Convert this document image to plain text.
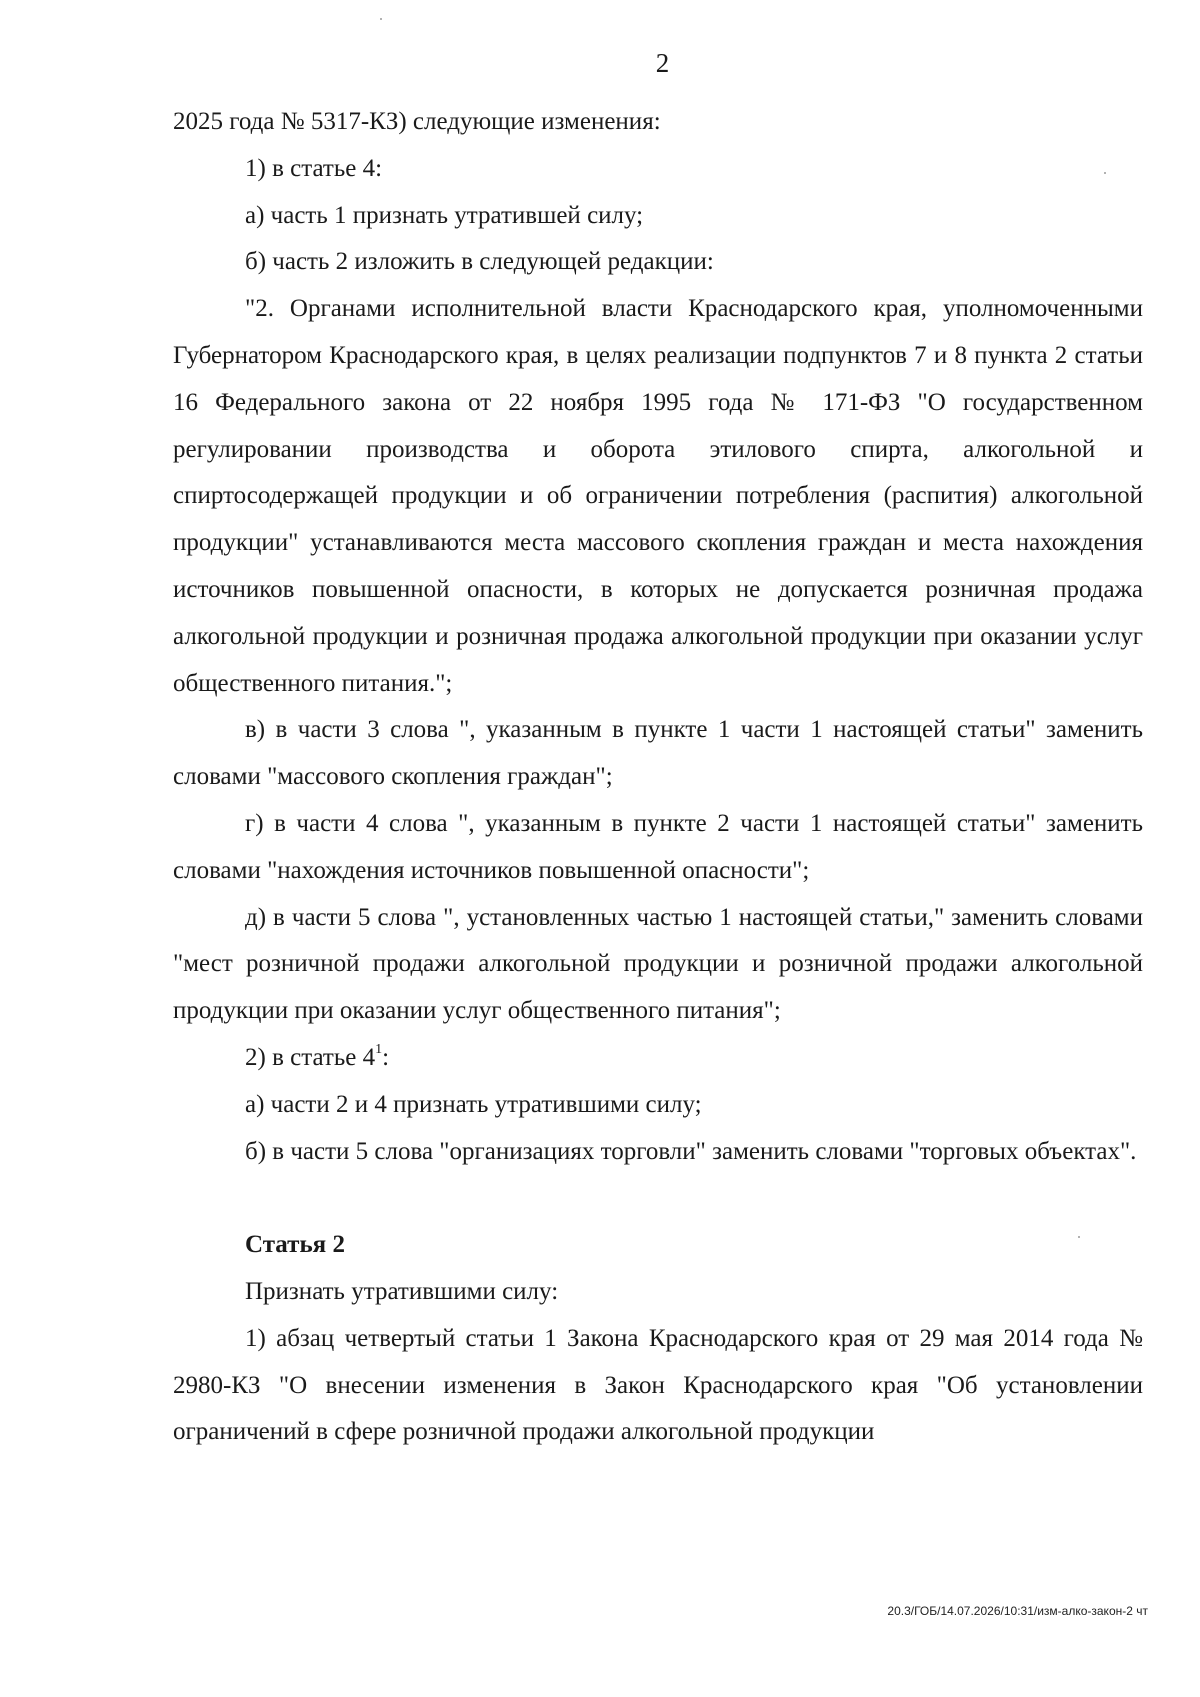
2

2025 года № 5317-КЗ) следующие изменения:

1) в статье 4:

а) часть 1 признать утратившей силу;

б) часть 2 изложить в следующей редакции:

"2. Органами исполнительной власти Краснодарского края, уполномоченными Губернатором Краснодарского края, в целях реализации подпунктов 7 и 8 пункта 2 статьи 16 Федерального закона от 22 ноября 1995 года № 171-ФЗ "О государственном регулировании производства и оборота этилового спирта, алкогольной и спиртосодержащей продукции и об ограничении потребления (распития) алкогольной продукции" устанавливаются места массового скопления граждан и места нахождения источников повышенной опасности, в которых не допускается розничная продажа алкогольной продукции и розничная продажа алкогольной продукции при оказании услуг общественного питания.";

в) в части 3 слова ", указанным в пункте 1 части 1 настоящей статьи" заменить словами "массового скопления граждан";

г) в части 4 слова ", указанным в пункте 2 части 1 настоящей статьи" заменить словами "нахождения источников повышенной опасности";

д) в части 5 слова ", установленных частью 1 настоящей статьи," заменить словами "мест розничной продажи алкогольной продукции и розничной продажи алкогольной продукции при оказании услуг общественного питания";

2) в статье $4^1$:

а) части 2 и 4 признать утратившими силу;

б) в части 5 слова "организациях торговли" заменить словами "торговых объектах".

Статья 2

Признать утратившими силу:

1) абзац четвертый статьи 1 Закона Краснодарского края от 29 мая 2014 года № 2980-КЗ "О внесении изменения в Закон Краснодарского края "Об установлении ограничений в сфере розничной продажи алкогольной продукции

20.3/ГОБ/14.07.2026/10:31/изм-алко-закон-2 чт
